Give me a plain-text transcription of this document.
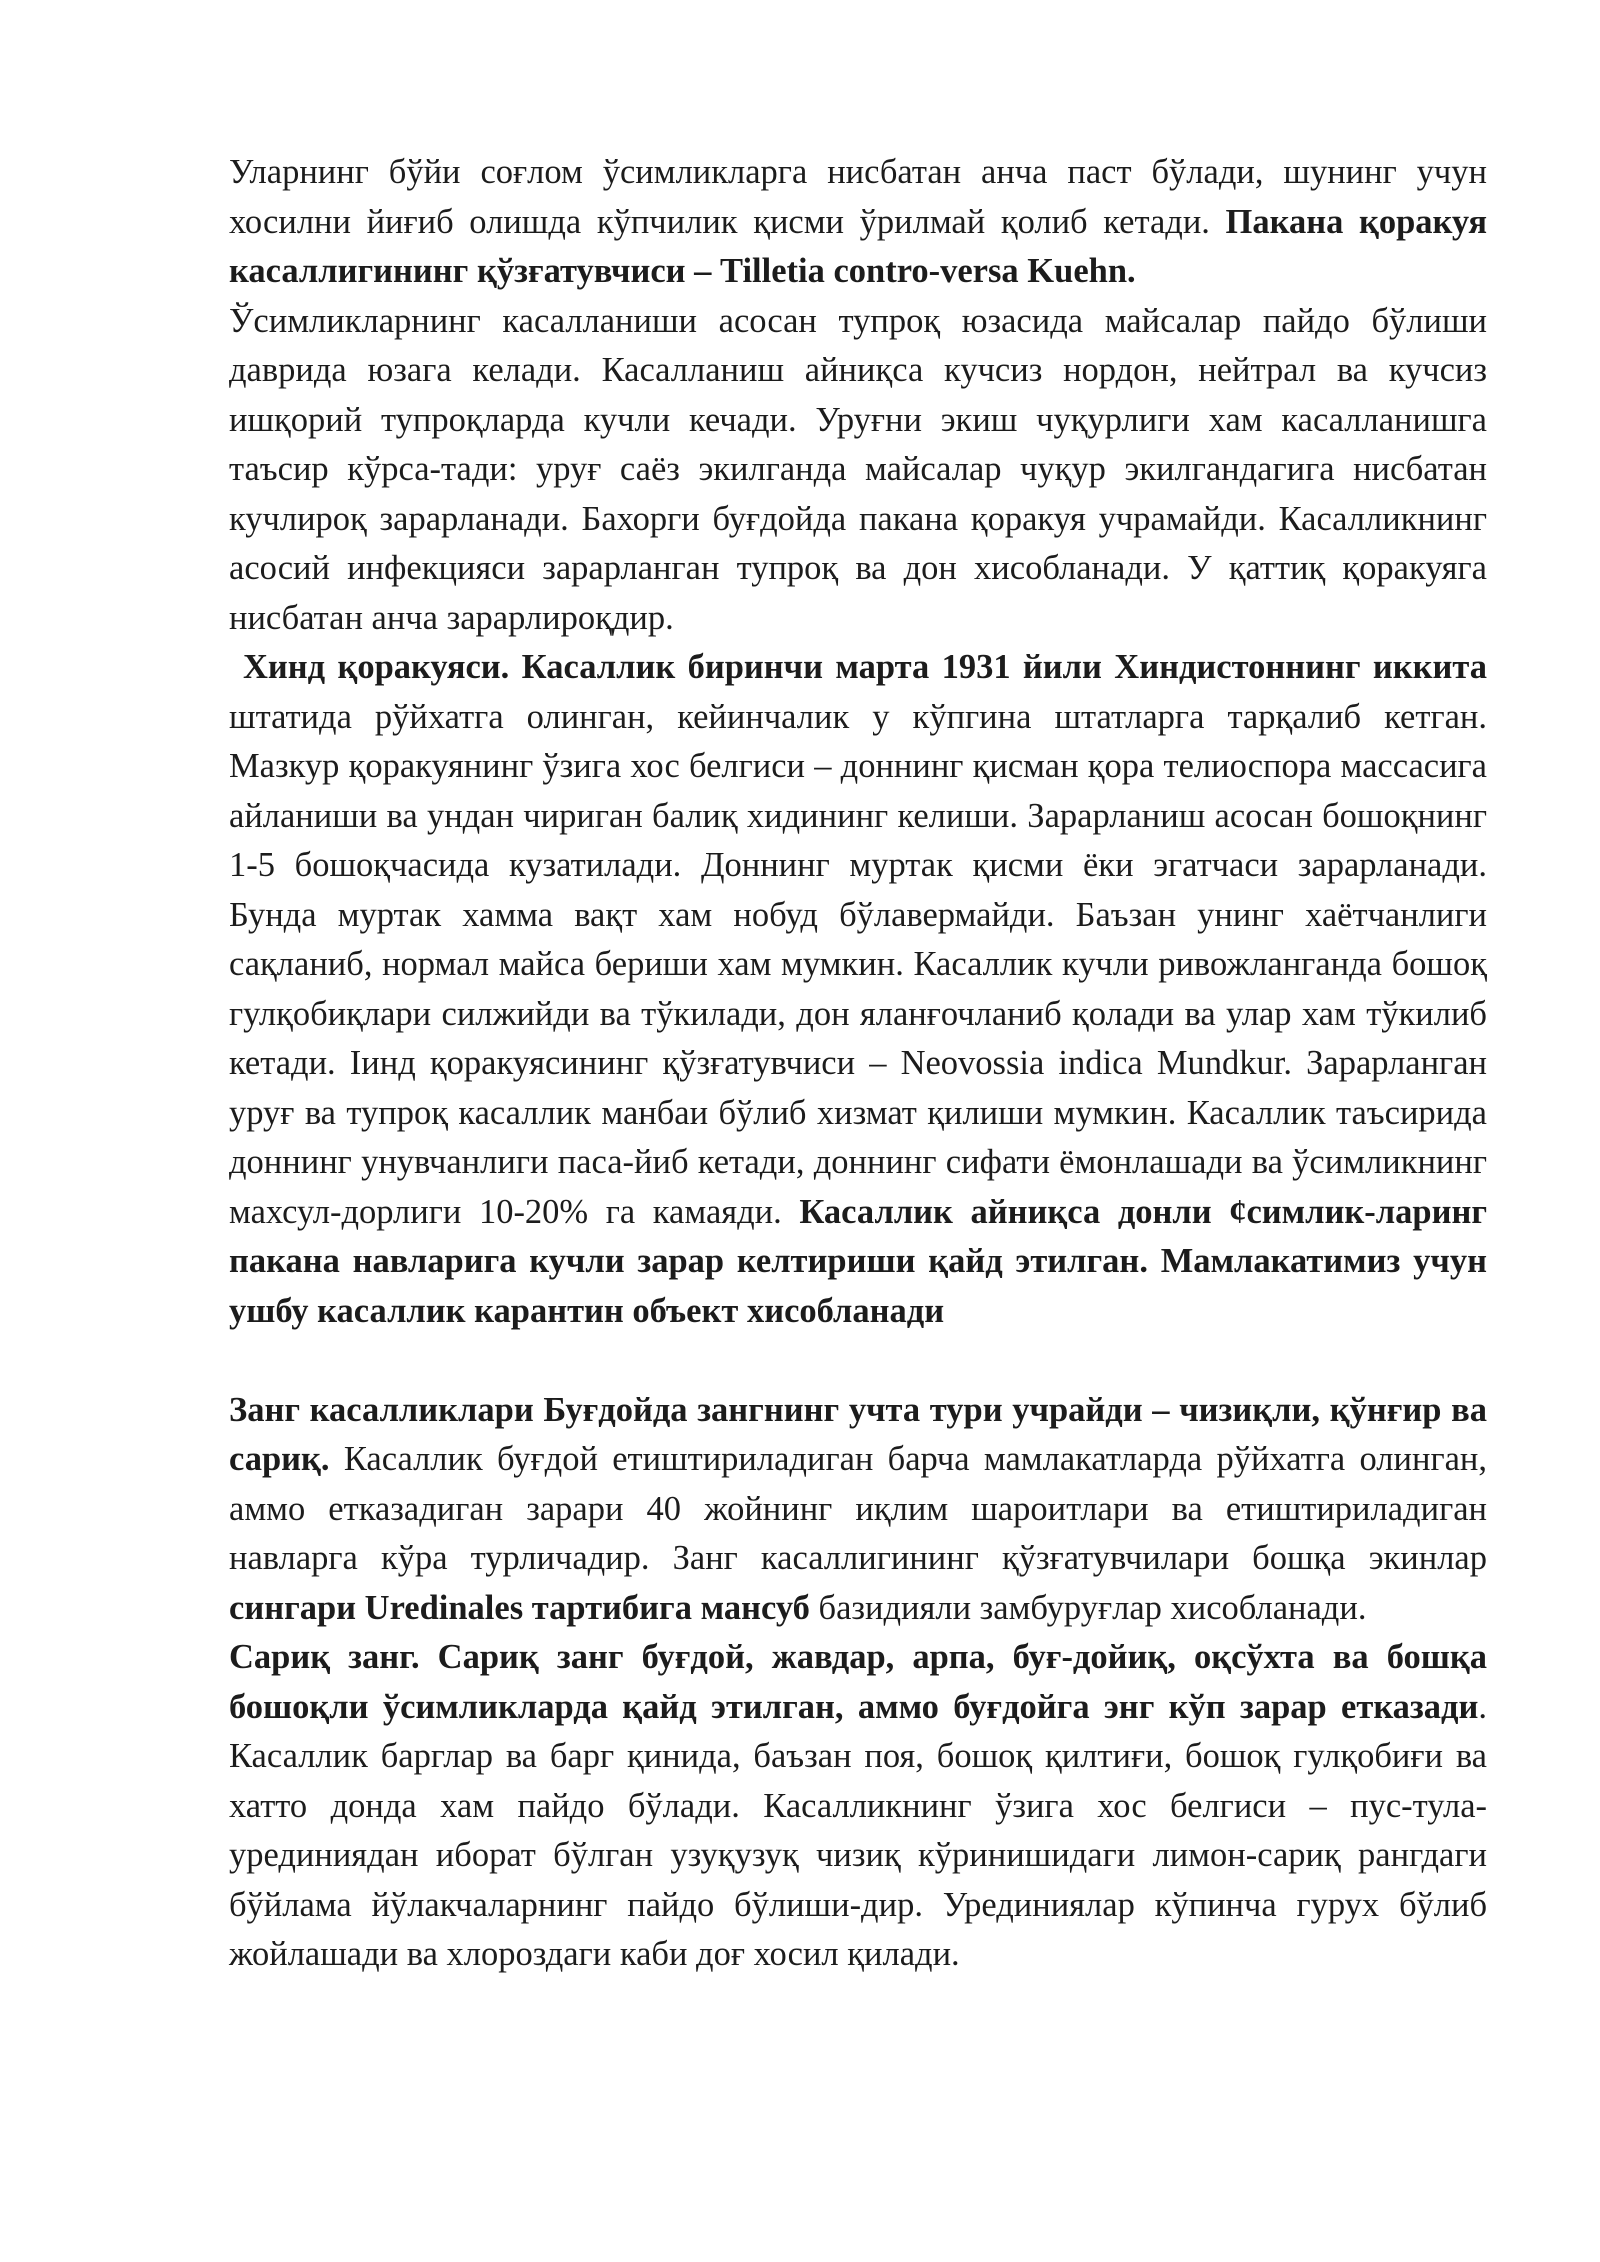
Уларнинг бўйи соғлом ўсимликларга нисбатан анча паст бўлади, шунинг учун хосилни йиғиб олишда кўпчилик қисми ўрилмай қолиб кетади. Пакана қоракуя касаллигининг қўзғатувчиси – Tilletia contro-versa Kuehn.

Ўсимликларнинг касалланиши асосан тупроқ юзасида майсалар пайдо бўлиши даврида юзага келади. Касалланиш айниқса кучсиз нордон, нейтрал ва кучсиз ишқорий тупроқларда кучли кечади. Уруғни экиш чуқурлиги хам касалланишга таъсир кўрса-тади: уруғ саёз экилганда майсалар чуқур экилгандагига нисбатан кучлироқ зарарланади. Бахорги буғдойда пакана қоракуя учрамайди. Касалликнинг асосий инфекцияси зарарланган тупроқ ва дон хисобланади. У қаттиқ қоракуяга нисбатан анча зарарлироқдир.

Хинд қоракуяси. Касаллик биринчи марта 1931 йили Хиндистоннинг иккита штатида рўйхатга олинган, кейинчалик у кўпгина штатларга тарқалиб кетган. Мазкур қоракуянинг ўзига хос белгиси – доннинг қисман қора телиоспора массасига айланиши ва ундан чириган балиқ хидининг келиши. Зарарланиш асосан бошоқнинг 1-5 бошоқчасида кузатилади. Доннинг муртак қисми ёки эгатчаси зарарланади. Бунда муртак хамма вақт хам нобуд бўлавермайди. Баъзан унинг хаётчанлиги сақланиб, нормал майса бериши хам мумкин. Касаллик кучли ривожланганда бошоқ гулқобиқлари силжийди ва тўкилади, дон яланғочланиб қолади ва улар хам тўкилиб кетади. Iинд қоракуясининг қўзғатувчиси – Neovossia indica Mundkur. Зарарланган уруғ ва тупроқ касаллик манбаи бўлиб хизмат қилиши мумкин. Касаллик таъсирида доннинг унувчанлиги паса-йиб кетади, доннинг сифати ёмонлашади ва ўсимликнинг махсул-дорлиги 10-20% га камаяди. Касаллик айниқса донли ¢симлик-ларинг пакана навларига кучли зарар келтириши қайд этилган. Мамлакатимиз учун ушбу касаллик карантин объект хисобланади

Занг касалликлари Буғдойда зангнинг учта тури учрайди – чизиқли, қўнғир ва сариқ. Касаллик буғдой етиштириладиган барча мамлакатларда рўйхатга олинган, аммо етказадиган зарари 40 жойнинг иқлим шароитлари ва етиштириладиган навларга кўра турличадир. Занг касаллигининг қўзғатувчилари бошқа экинлар сингари Uredinales тартибига мансуб базидияли замбуруғлар хисобланади.

Сариқ занг. Сариқ занг буғдой, жавдар, арпа, буғ-дойиқ, оқсўхта ва бошқа бошоқли ўсимликларда қайд этилган, аммо буғдойга энг кўп зарар етказади. Касаллик барглар ва барг қинида, баъзан поя, бошоқ қилтиғи, бошоқ гулқобиғи ва хатто донда хам пайдо бўлади. Касалликнинг ўзига хос белгиси – пус-тула-урединиядан иборат бўлган узуқузуқ чизиқ кўринишидаги лимон-сариқ рангдаги бўйлама йўлакчаларнинг пайдо бўлиши-дир. Урединиялар кўпинча гурух бўлиб жойлашади ва хлороздаги каби доғ хосил қилади.
